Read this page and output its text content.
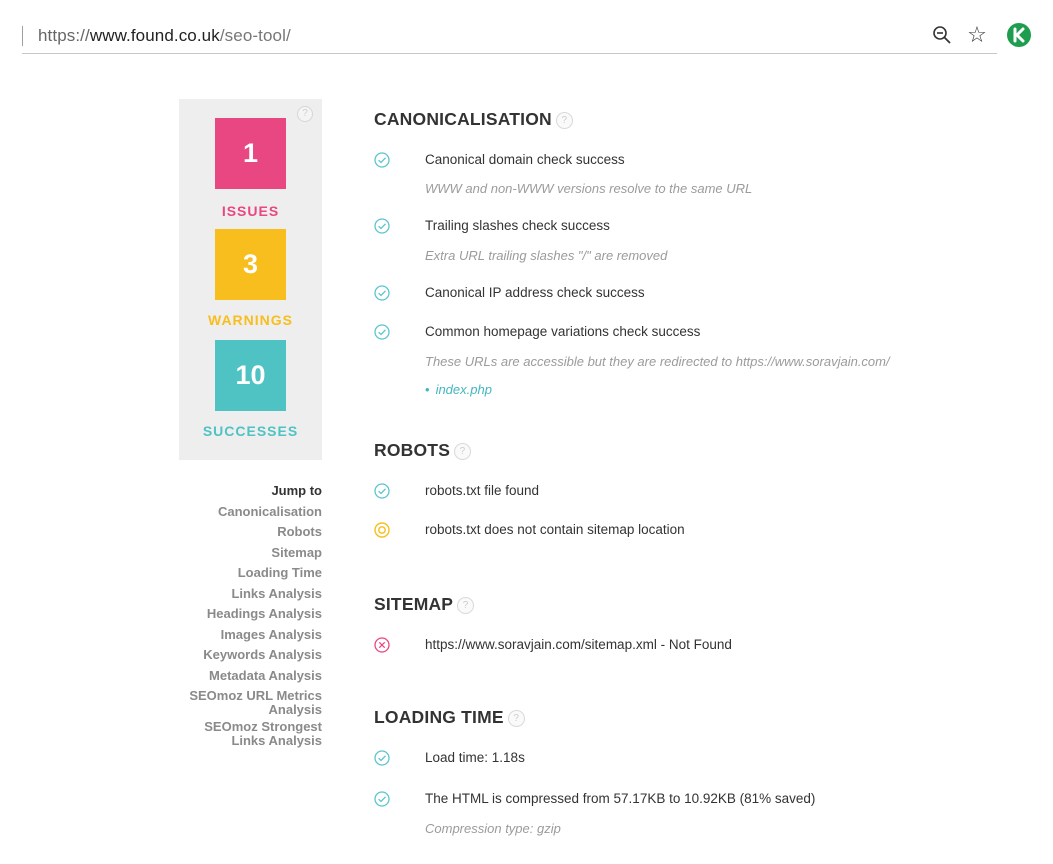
https://www.found.co.uk/seo-tool/	☆
?
1
ISSUES
3
WARNINGS
10
SUCCESSES
Jump to
Canonicalisation
Robots
Sitemap
Loading Time
Links Analysis
Headings Analysis
Images Analysis
Keywords Analysis
Metadata Analysis
SEOmoz URL Metrics Analysis
SEOmoz Strongest Links Analysis
CANONICALISATION ?
Canonical domain check success
WWW and non-WWW versions resolve to the same URL
Trailing slashes check success
Extra URL trailing slashes "/" are removed
Canonical IP address check success
Common homepage variations check success
These URLs are accessible but they are redirected to https://www.soravjain.com/
• index.php
ROBOTS ?
robots.txt file found
robots.txt does not contain sitemap location
SITEMAP ?
https://www.soravjain.com/sitemap.xml - Not Found
LOADING TIME ?
Load time: 1.18s
The HTML is compressed from 57.17KB to 10.92KB (81% saved)
Compression type: gzip
